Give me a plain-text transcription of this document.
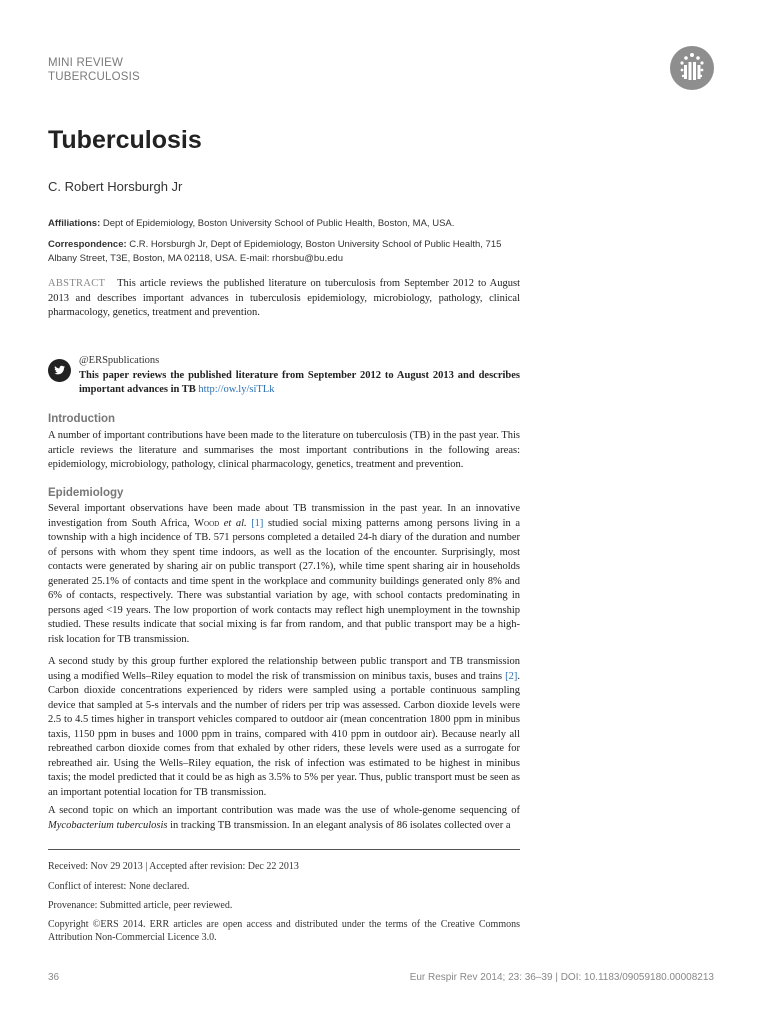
MINI REVIEW
TUBERCULOSIS
Tuberculosis
C. Robert Horsburgh Jr
Affiliations: Dept of Epidemiology, Boston University School of Public Health, Boston, MA, USA.
Correspondence: C.R. Horsburgh Jr, Dept of Epidemiology, Boston University School of Public Health, 715 Albany Street, T3E, Boston, MA 02118, USA. E-mail: rhorsbu@bu.edu
ABSTRACT   This article reviews the published literature on tuberculosis from September 2012 to August 2013 and describes important advances in tuberculosis epidemiology, microbiology, pathology, clinical pharmacology, genetics, treatment and prevention.
@ERSpublications
This paper reviews the published literature from September 2012 to August 2013 and describes important advances in TB http://ow.ly/siTLk
Introduction

A number of important contributions have been made to the literature on tuberculosis (TB) in the past year. This article reviews the literature and summarises the most important contributions in the following areas: epidemiology, microbiology, pathology, clinical pharmacology, genetics, treatment and prevention.

Epidemiology

Several important observations have been made about TB transmission in the past year. In an innovative investigation from South Africa, Wood et al. [1] studied social mixing patterns among persons living in a township with a high incidence of TB. 571 persons completed a detailed 24-h diary of the duration and number of persons with whom they spent time indoors, as well as the location of the encounter. Surprisingly, most contacts were generated by sharing air on public transport (27.1%), while time spent sharing air in households generated 25.1% of contacts and time spent in the workplace and community buildings generated only 8% and 6% of contacts, respectively. There was substantial variation by age, with school contacts predominating in persons aged <19 years. The low proportion of work contacts may reflect high unemployment in the township studied. These results indicate that social mixing is far from random, and that public transport may be a high-risk location for TB transmission.

A second study by this group further explored the relationship between public transport and TB transmission using a modified Wells–Riley equation to model the risk of transmission on minibus taxis, buses and trains [2]. Carbon dioxide concentrations experienced by riders were sampled using a portable continuous sampling device that sampled at 5-s intervals and the number of riders per trip was assessed. Carbon dioxide levels were 2.5 to 4.5 times higher in transport vehicles compared to outdoor air (mean concentration 1800 ppm in minibus taxis, 1150 ppm in buses and 1000 ppm in trains, compared with 410 ppm in outdoor air). Because nearly all rebreathed carbon dioxide comes from that exhaled by other riders, these levels were used as a surrogate for rebreathed air. Using the Wells–Riley equation, the risk of infection was estimated to be highest in minibus taxis; the model predicted that it could be as high as 3.5% to 5% per year. Thus, public transport must be seen as an important potential location for TB transmission.

A second topic on which an important contribution was made was the use of whole-genome sequencing of Mycobacterium tuberculosis in tracking TB transmission. In an elegant analysis of 86 isolates collected over a

Received: Nov 29 2013 | Accepted after revision: Dec 22 2013
Conflict of interest: None declared.
Provenance: Submitted article, peer reviewed.
Copyright ©ERS 2014. ERR articles are open access and distributed under the terms of the Creative Commons Attribution Non-Commercial Licence 3.0.
36	Eur Respir Rev 2014; 23: 36–39 | DOI: 10.1183/09059180.00008213
